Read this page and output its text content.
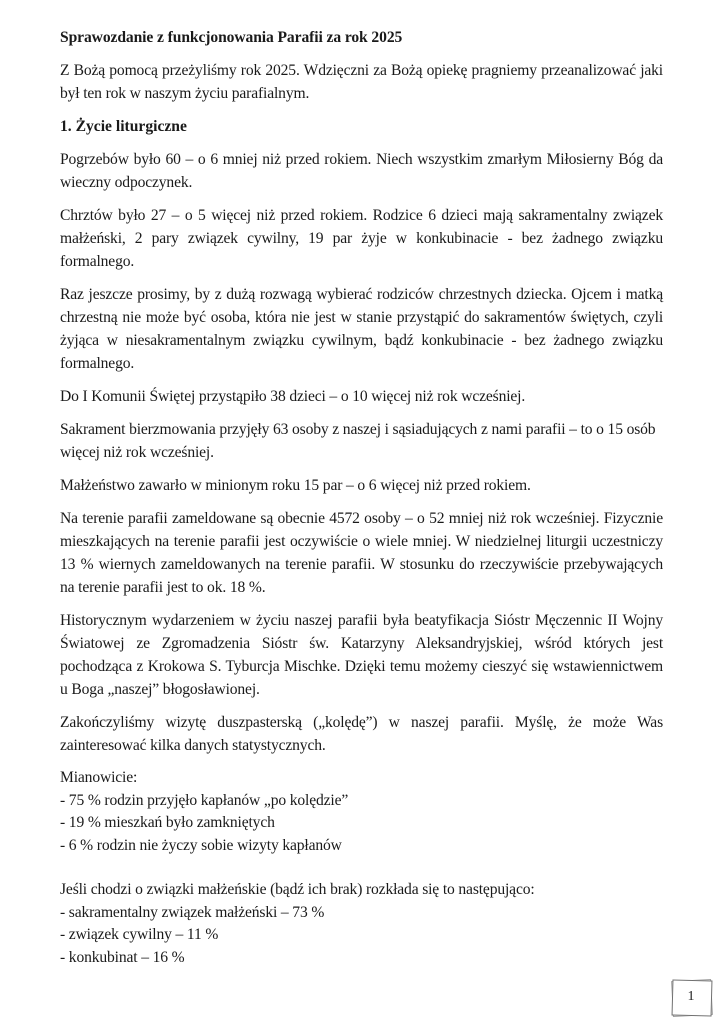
Sprawozdanie z funkcjonowania Parafii za rok 2025

Z Bożą pomocą przeżyliśmy rok 2025. Wdzięczni za Bożą opiekę pragniemy przeanalizować jaki był ten rok w naszym życiu parafialnym.

1. Życie liturgiczne

Pogrzebów było 60 – o 6 mniej niż przed rokiem. Niech wszystkim zmarłym Miłosierny Bóg da wieczny odpoczynek.

Chrztów było 27 – o 5 więcej niż przed rokiem. Rodzice 6 dzieci mają sakramentalny związek małżeński, 2 pary związek cywilny, 19 par żyje w konkubinacie - bez żadnego związku formalnego.

Raz jeszcze prosimy, by z dużą rozwagą wybierać rodziców chrzestnych dziecka. Ojcem i matką chrzestną nie może być osoba, która nie jest w stanie przystąpić do sakramentów świętych, czyli żyjąca w niesakramentalnym związku cywilnym, bądź konkubinacie - bez żadnego związku formalnego.

Do I Komunii Świętej przystąpiło 38 dzieci – o 10 więcej niż rok wcześniej.

Sakrament bierzmowania przyjęły 63 osoby z naszej i sąsiadujących z nami parafii – to o 15 osób więcej niż rok wcześniej.

Małżeństwo zawarło w minionym roku 15 par – o 6 więcej niż przed rokiem.

Na terenie parafii zameldowane są obecnie 4572 osoby – o 52 mniej niż rok wcześniej. Fizycznie mieszkających na terenie parafii jest oczywiście o wiele mniej. W niedzielnej liturgii uczestniczy 13 % wiernych zameldowanych na terenie parafii. W stosunku do rzeczywiście przebywających na terenie parafii jest to ok. 18 %.

Historycznym wydarzeniem w życiu naszej parafii była beatyfikacja Sióstr Męczennic II Wojny Światowej ze Zgromadzenia Sióstr św. Katarzyny Aleksandryjskiej, wśród których jest pochodząca z Krokowa S. Tyburcja Mischke. Dzięki temu możemy cieszyć się wstawiennictwem u Boga „naszej” błogosławionej.

Zakończyliśmy wizytę duszpasterską („kolędę”) w naszej parafii. Myślę, że może Was zainteresować kilka danych statystycznych.

Mianowicie:
- 75 % rodzin przyjęło kapłanów „po kolędzie”
- 19 % mieszkań było zamkniętych
- 6 % rodzin nie życzy sobie wizyty kapłanów
Jeśli chodzi o związki małżeńskie (bądź ich brak) rozkłada się to następująco:
- sakramentalny związek małżeński – 73 %
- związek cywilny – 11 %
- konkubinat – 16 %
1
